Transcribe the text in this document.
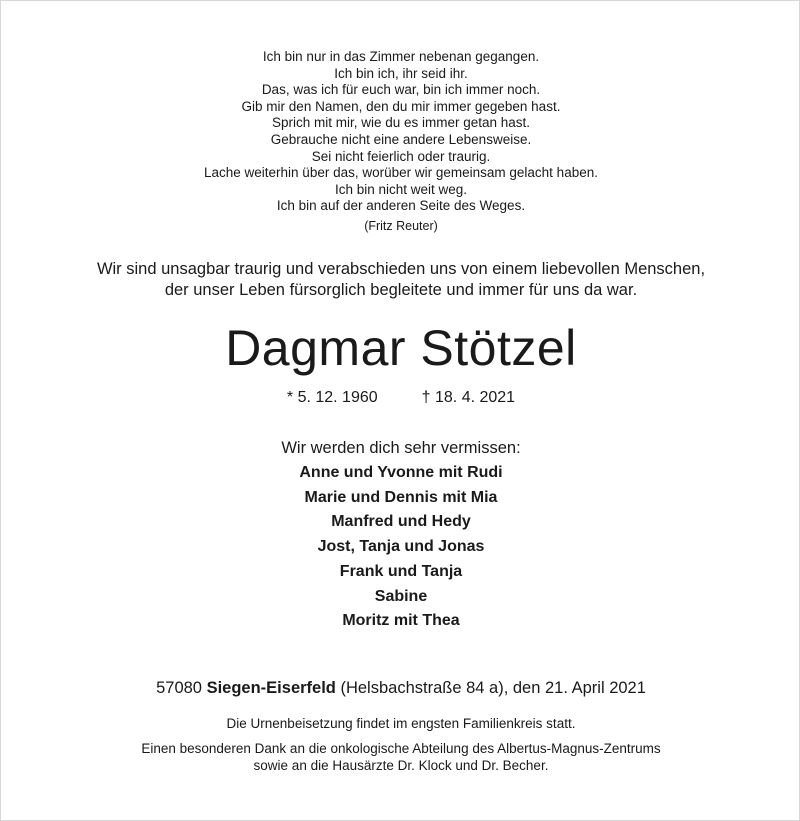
Ich bin nur in das Zimmer nebenan gegangen.
Ich bin ich, ihr seid ihr.
Das, was ich für euch war, bin ich immer noch.
Gib mir den Namen, den du mir immer gegeben hast.
Sprich mit mir, wie du es immer getan hast.
Gebrauche nicht eine andere Lebensweise.
Sei nicht feierlich oder traurig.
Lache weiterhin über das, worüber wir gemeinsam gelacht haben.
Ich bin nicht weit weg.
Ich bin auf der anderen Seite des Weges.
(Fritz Reuter)
Wir sind unsagbar traurig und verabschieden uns von einem liebevollen Menschen,
der unser Leben fürsorglich begleitete und immer für uns da war.
Dagmar Stötzel
* 5. 12. 1960	† 18. 4. 2021
Wir werden dich sehr vermissen:
Anne und Yvonne mit Rudi
Marie und Dennis mit Mia
Manfred und Hedy
Jost, Tanja und Jonas
Frank und Tanja
Sabine
Moritz mit Thea
57080 Siegen-Eiserfeld (Helsbachstraße 84 a), den 21. April 2021
Die Urnenbeisetzung findet im engsten Familienkreis statt.
Einen besonderen Dank an die onkologische Abteilung des Albertus-Magnus-Zentrums
sowie an die Hausärzte Dr. Klock und Dr. Becher.
